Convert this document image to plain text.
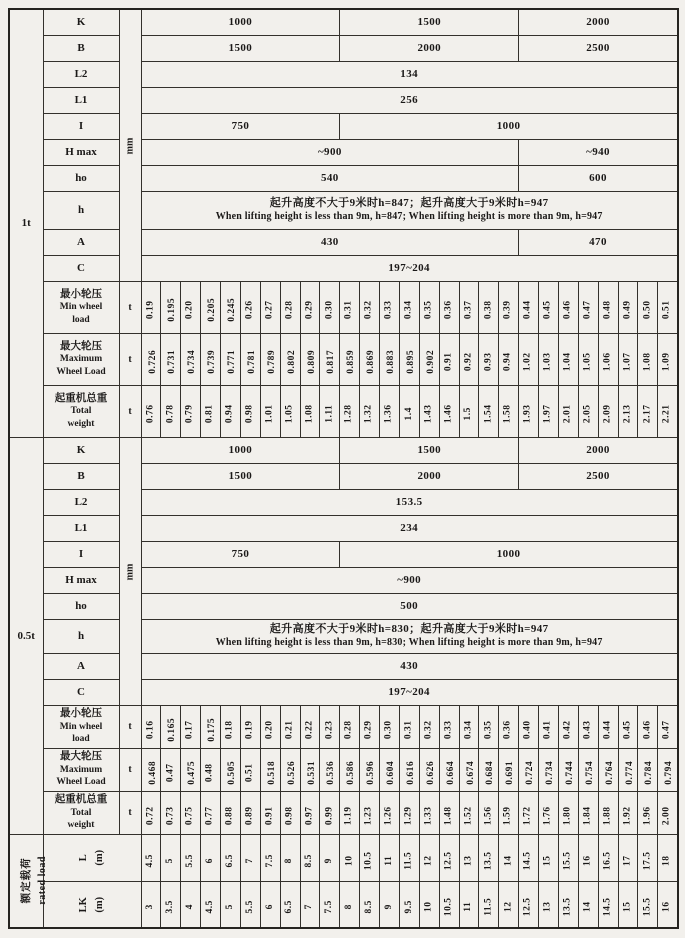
1t	K	mm	1000										1500									2000							
	B		1500										2000									2500							
	L2		134																										
	L1		256																										
	I		750										1000																
	H max		~900																			~940							
	ho		540																			600							
	h		起升高度不大于9米时h=847；起升高度大于9米时h=947
When lifting height is less than 9m, h=847; When lifting height is more than 9m, h=947																										

	A		430																			470							
	C		197~204																										

	最小轮压
Min wheel
load	t	0.19	0.195	0.20	0.205	0.245	0.26	0.27	0.28	0.29	0.30	0.31	0.32	0.33	0.34	0.35	0.36	0.37	0.38	0.39	0.44	0.45	0.46	0.47	0.48	0.49	0.50	0.51

	最大轮压
Maximum
Wheel Load	t	0.726	0.731	0.734	0.739	0.771	0.781	0.789	0.802	0.809	0.817	0.859	0.869	0.883	0.895	0.902	0.91	0.92	0.93	0.94	1.02	1.03	1.04	1.05	1.06	1.07	1.08	1.09

	起重机总重
Total
weight	t	0.76	0.78	0.79	0.81	0.94	0.98	1.01	1.05	1.08	1.11	1.28	1.32	1.36	1.4	1.43	1.46	1.5	1.54	1.58	1.93	1.97	2.01	2.05	2.09	2.13	2.17	2.21
0.5t	K	mm	1000										1500									2000							
	B		1500										2000									2500							
	L2		153.5																										
	L1		234																										
	I		750										1000																
	H max		~900																										
	ho		500																										
	h		起升高度不大于9米时h=830；起升高度大于9米时h=947
When lifting height is less than 9m, h=830; When lifting height is more than 9m, h=947																										

	A		430																										
	C		197~204																										

	最小轮压
Min wheel
load	t	0.16	0.165	0.17	0.175	0.18	0.19	0.20	0.21	0.22	0.23	0.28	0.29	0.30	0.31	0.32	0.33	0.34	0.35	0.36	0.40	0.41	0.42	0.43	0.44	0.45	0.46	0.47

	最大轮压
Maximum
Wheel Load	t	0.468	0.47	0.475	0.48	0.505	0.51	0.518	0.526	0.531	0.536	0.586	0.596	0.604	0.616	0.626	0.664	0.674	0.684	0.691	0.724	0.734	0.744	0.754	0.764	0.774	0.784	0.794

	起重机总重
Total
weight	t	0.72	0.73	0.75	0.77	0.88	0.89	0.91	0.98	0.97	0.99	1.19	1.23	1.26	1.29	1.33	1.48	1.52	1.56	1.59	1.72	1.76	1.80	1.84	1.88	1.92	1.96	2.00

额定载荷 rated load	L (m)	4.5	5	5.5	6	6.5	7	7.5	8	8.5	9	10	10.5	11	11.5	12	12.5	13	13.5	14	14.5	15	15.5	16	16.5	17	17.5	18

	LK (m)		3	3.5	4	4.5	5	5.5	6	6.5	7	7.5	8	8.5	9	9.5	10	10.5	11	11.5	12	12.5	13	13.5	14	14.5	15	15.5	16
